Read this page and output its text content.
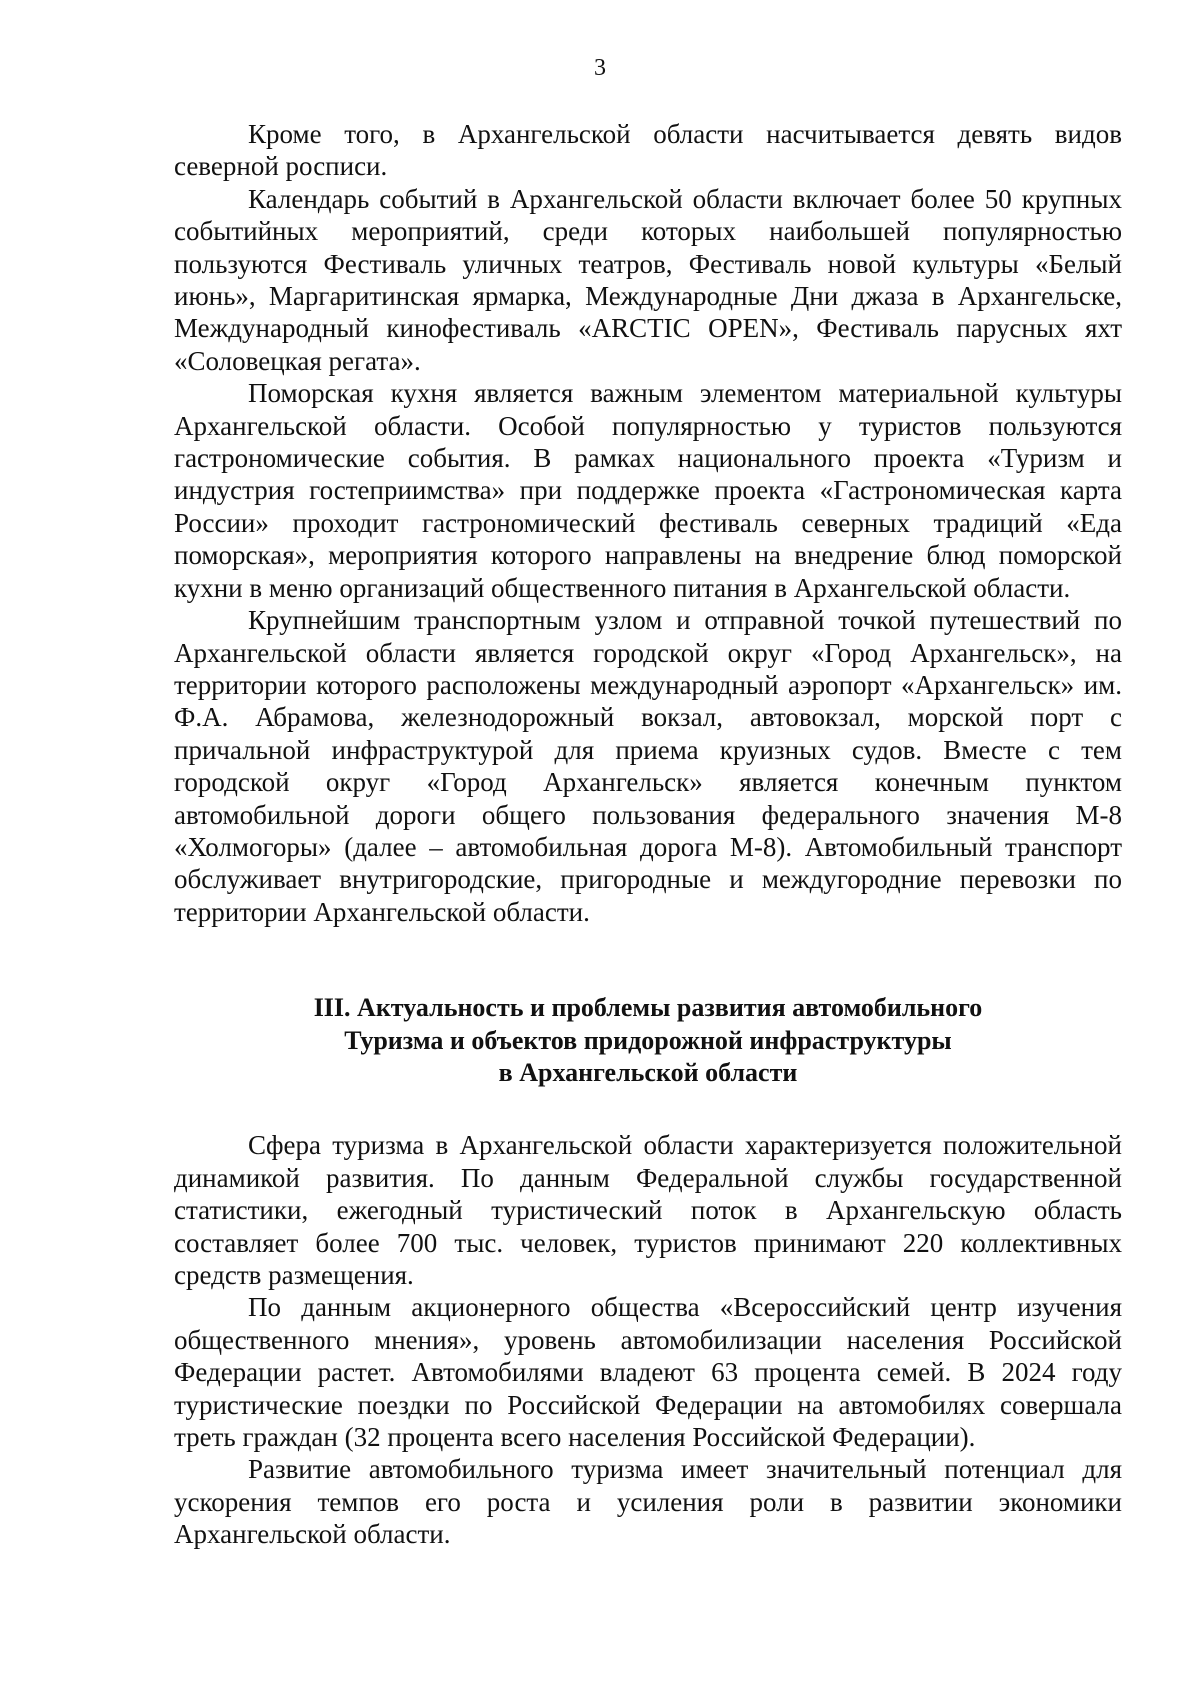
3

Кроме того, в Архангельской области насчитывается девять видов северной росписи.

Календарь событий в Архангельской области включает более 50 крупных событийных мероприятий, среди которых наибольшей популярностью пользуются Фестиваль уличных театров, Фестиваль новой культуры «Белый июнь», Маргаритинская ярмарка, Международные Дни джаза в Архангельске, Международный кинофестиваль «ARCTIC OPEN», Фестиваль парусных яхт «Соловецкая регата».

Поморская кухня является важным элементом материальной культуры Архангельской области. Особой популярностью у туристов пользуются гастрономические события. В рамках национального проекта «Туризм и индустрия гостеприимства» при поддержке проекта «Гастрономическая карта России» проходит гастрономический фестиваль северных традиций «Еда поморская», мероприятия которого направлены на внедрение блюд поморской кухни в меню организаций общественного питания в Архангельской области.

Крупнейшим транспортным узлом и отправной точкой путешествий по Архангельской области является городской округ «Город Архангельск», на территории которого расположены международный аэропорт «Архангельск» им. Ф.А. Абрамова, железнодорожный вокзал, автовокзал, морской порт с причальной инфраструктурой для приема круизных судов. Вместе с тем городской округ «Город Архангельск» является конечным пунктом автомобильной дороги общего пользования федерального значения М-8 «Холмогоры» (далее – автомобильная дорога М-8). Автомобильный транспорт обслуживает внутригородские, пригородные и междугородние перевозки по территории Архангельской области.

III. Актуальность и проблемы развития автомобильного
Туризма и объектов придорожной инфраструктуры
в Архангельской области

Сфера туризма в Архангельской области характеризуется положительной динамикой развития. По данным Федеральной службы государственной статистики, ежегодный туристический поток в Архангельскую область составляет более 700 тыс. человек, туристов принимают 220 коллективных средств размещения.

По данным акционерного общества «Всероссийский центр изучения общественного мнения», уровень автомобилизации населения Российской Федерации растет. Автомобилями владеют 63 процента семей. В 2024 году туристические поездки по Российской Федерации на автомобилях совершала треть граждан (32 процента всего населения Российской Федерации).

Развитие автомобильного туризма имеет значительный потенциал для ускорения темпов его роста и усиления роли в развитии экономики Архангельской области.
